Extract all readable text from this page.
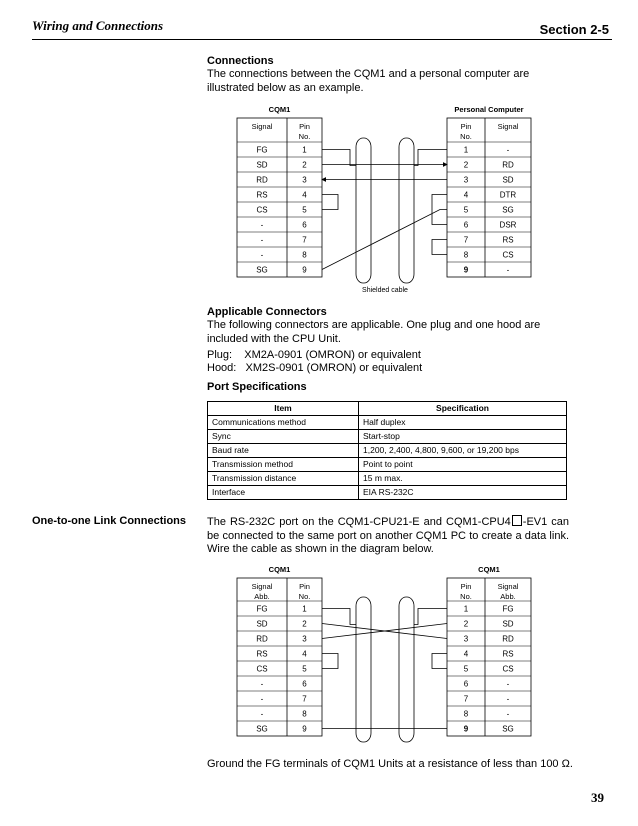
Wiring and Connections	Section 2-5
Connections
The connections between the CQM1 and a personal computer are illustrated below as an example.
CQM1	Personal Computer
Signal	Pin
No.
Pin
No.
Signal
FG	1	1	-
SD	2	2	RD
RD	3	3	SD
RS	4	4	DTR
CS	5	5	SG
-	6	6	DSR
-	7	7	RS
-	8	8	CS
SG	9	9	-
Shielded cable
Applicable Connectors
The following connectors are applicable. One plug and one hood are included with the CPU Unit.
Plug:    XM2A-0901 (OMRON) or equivalent
Hood:   XM2S-0901 (OMRON) or equivalent
Port Specifications
Item	Specification
Communications method	Half duplex
Sync	Start-stop
Baud rate	1,200, 2,400, 4,800, 9,600, or 19,200 bps
Transmission method	Point to point
Transmission distance	15 m max.
Interface	EIA RS-232C
One-to-one Link Connections The RS-232C port on the CQM1-CPU21-E and CQM1-CPU4 -EV1 can be connected to the same port on another CQM1 PC to create a data link. Wire the cable as shown in the diagram below.
CQM1	CQM1
Signal
Abb.
Pin
No.
Pin
No.
Signal
Abb.
FG	1	1	FG
SD	2	2	SD
RD	3	3	RD
RS	4	4	RS
CS	5	5	CS
-	6	6	-
-	7	7	-
-	8	8	-
SG	9	9	SG
Ground the FG terminals of CQM1 Units at a resistance of less than 100 Ω.
39
